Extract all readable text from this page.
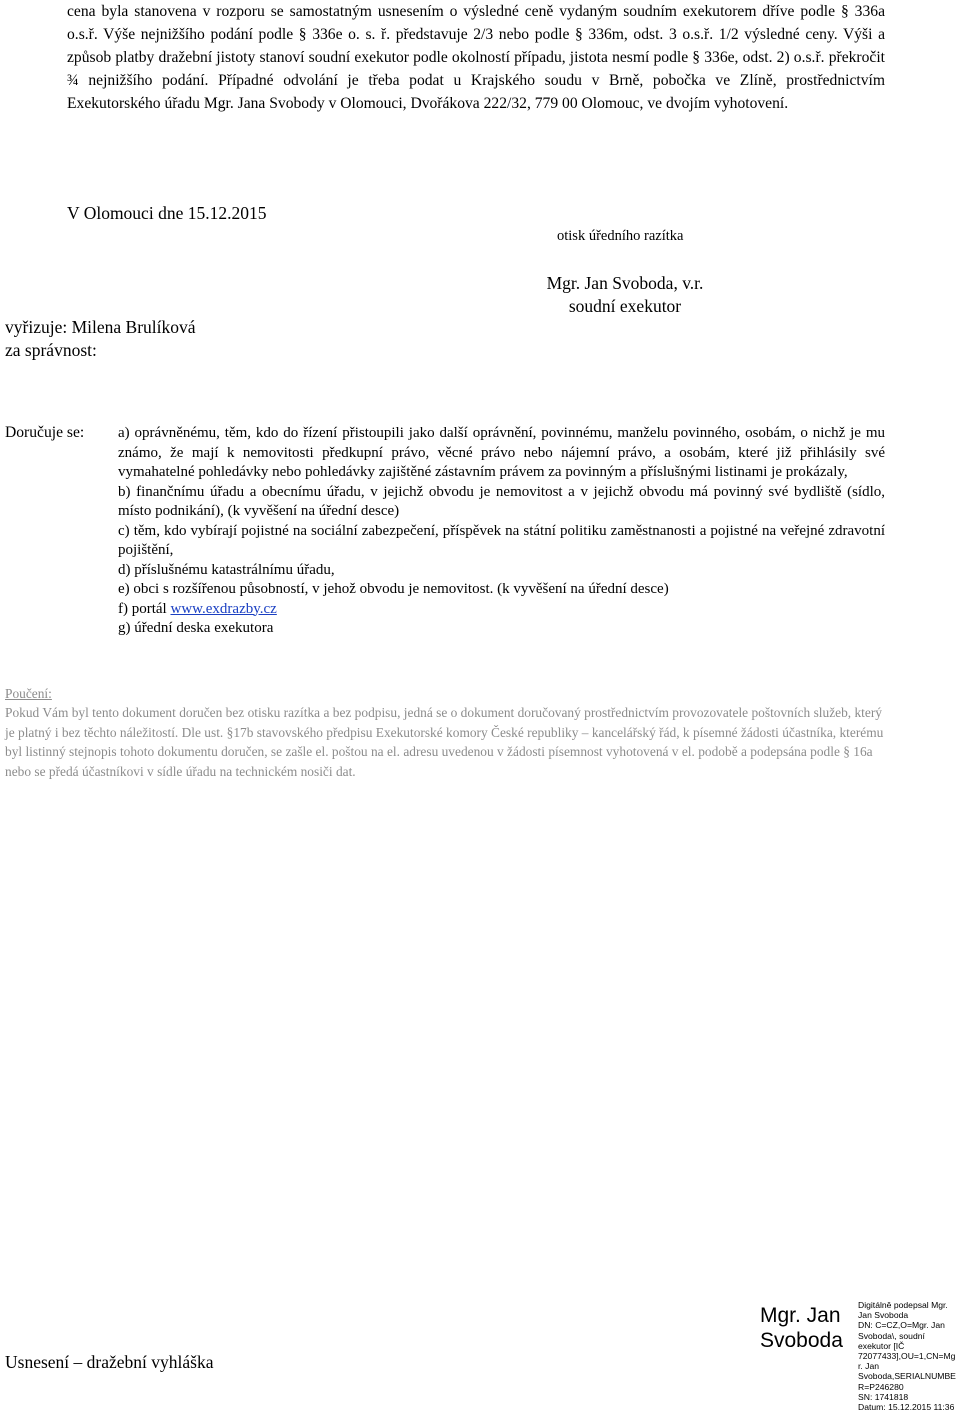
cena byla stanovena v rozporu se samostatným usnesením o výsledné ceně vydaným soudním exekutorem dříve podle § 336a o.s.ř. Výše nejnižšího podání podle § 336e o. s. ř. představuje 2/3 nebo podle § 336m, odst. 3 o.s.ř. 1/2 výsledné ceny. Výši a způsob platby dražební jistoty stanoví soudní exekutor podle okolností případu, jistota nesmí podle § 336e, odst. 2) o.s.ř. překročit ¾ nejnižšího podání. Případné odvolání je třeba podat u Krajského soudu v Brně, pobočka ve Zlíně, prostřednictvím Exekutorského úřadu Mgr. Jana Svobody v Olomouci, Dvořákova 222/32, 779 00 Olomouc, ve dvojím vyhotovení.

V Olomouci dne 15.12.2015
otisk úředního razítka
Mgr. Jan Svoboda, v.r.
soudní exekutor
vyřizuje: Milena Brulíková
za správnost:
Doručuje se: a) oprávněnému, těm, kdo do řízení přistoupili jako další oprávnění, povinnému, manželu povinného, osobám, o nichž je mu známo, že mají k nemovitosti předkupní právo, věcné právo nebo nájemní právo, a osobám, které již přihlásily své vymahatelné pohledávky nebo pohledávky zajištěné zástavním právem za povinným a příslušnými listinami je prokázaly,
b) finančnímu úřadu a obecnímu úřadu, v jejichž obvodu je nemovitost a v jejichž obvodu má povinný své bydliště (sídlo, místo podnikání), (k vyvěšení na úřední desce)
c) těm, kdo vybírají pojistné na sociální zabezpečení, příspěvek na státní politiku zaměstnanosti a pojistné na veřejné zdravotní pojištění,
d) příslušnému katastrálnímu úřadu,
e) obci s rozšířenou působností, v jehož obvodu je nemovitost. (k vyvěšení na úřední desce)
f) portál www.exdrazby.cz
g) úřední deska exekutora
Poučení:
Pokud Vám byl tento dokument doručen bez otisku razítka a bez podpisu, jedná se o dokument doručovaný prostřednictvím provozovatele poštovních služeb, který je platný i bez těchto náležitostí. Dle ust. §17b stavovského předpisu Exekutorské komory České republiky – kancelářský řád, k písemné žádosti účastníka, kterému byl listinný stejnopis tohoto dokumentu doručen, se zašle el. poštou na el. adresu uvedenou v žádosti písemnost vyhotovená v el. podobě a podepsána podle § 16a nebo se předá účastníkovi v sídle úřadu na technickém nosiči dat.
Usnesení – dražební vyhláška
Mgr. Jan
Svoboda
Digitálně podepsal Mgr.
Jan Svoboda
DN: C=CZ,O=Mgr. Jan
Svoboda\, soudní
exekutor [IČ
72077433],OU=1,CN=Mg
r. Jan
Svoboda,SERIALNUMBE
R=P246280
SN: 1741818
Datum: 15.12.2015 11:36
